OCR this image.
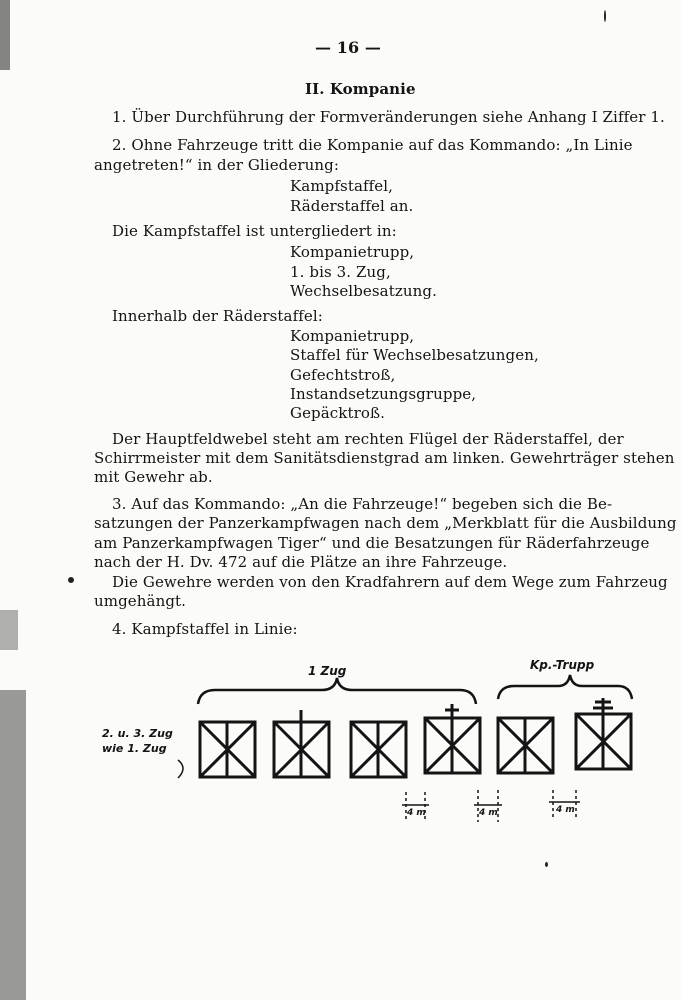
— 16 —
II. Kompanie
1. Über Durchführung der Formveränderungen siehe Anhang I Ziffer 1.
2. Ohne Fahrzeuge tritt die Kompanie auf das Kommando: „In Linie
angetreten!“ in der Gliederung:
Kampfstaffel,
Räderstaffel an.
Die Kampfstaffel ist untergliedert in:
Kompanietrupp,
1. bis 3. Zug,
Wechselbesatzung.
Innerhalb der Räderstaffel:
Kompanietrupp,
Staffel für Wechselbesatzungen,
Gefechtstroß,
Instandsetzungsgruppe,
Gepäcktroß.
Der Hauptfeldwebel steht am rechten Flügel der Räderstaffel, der
Schirrmeister mit dem Sanitätsdienstgrad am linken. Gewehrträger stehen
mit Gewehr ab.
3. Auf das Kommando: „An die Fahrzeuge!“ begeben sich die Be-
satzungen der Panzerkampfwagen nach dem „Merkblatt für die Ausbildung
am Panzerkampfwagen Tiger“ und die Besatzungen für Räderfahrzeuge
nach der H. Dv. 472 auf die Plätze an ihre Fahrzeuge.
Die Gewehre werden von den Kradfahrern auf dem Wege zum Fahrzeug
umgehängt.
4. Kampfstaffel in Linie:
1 Zug	Kp.-Trupp
2. u. 3. Zug
wie 1. Zug
4 m	4 m	4 m
